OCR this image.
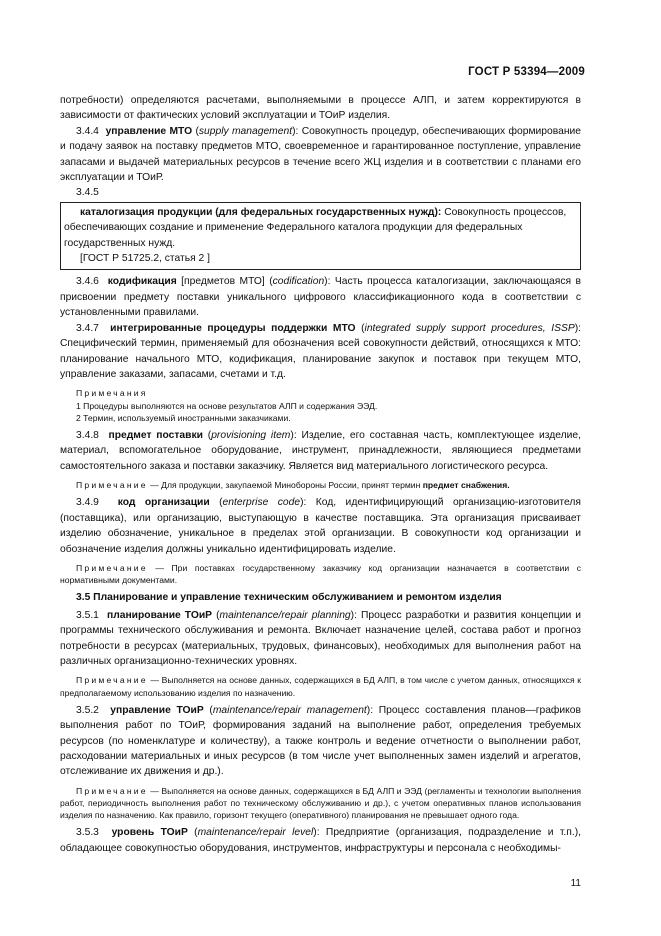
ГОСТ Р 53394—2009

потребности) определяются расчетами, выполняемыми в процессе АЛП, и затем корректируются в зависимости от фактических условий эксплуатации и ТОиР изделия.

3.4.4 управление МТО (supply management): Совокупность процедур, обеспечивающих формирование и подачу заявок на поставку предметов МТО, своевременное и гарантированное поступление, управление запасами и выдачей материальных ресурсов в течение всего ЖЦ изделия и в соответствии с планами его эксплуатации и ТОиР.

3.4.5

каталогизация продукции (для федеральных государственных нужд): Совокупность процессов, обеспечивающих создание и применение Федерального каталога продукции для федеральных государственных нужд.
[ГОСТ Р 51725.2, статья 2 ]

3.4.6 кодификация [предметов МТО] (codification): Часть процесса каталогизации, заключающаяся в присвоении предмету поставки уникального цифрового классификационного кода в соответствии с установленными правилами.

3.4.7 интегрированные процедуры поддержки МТО (integrated supply support procedures, ISSP): Специфический термин, применяемый для обозначения всей совокупности действий, относящихся к МТО: планирование начального МТО, кодификация, планирование закупок и поставок при текущем МТО, управление заказами, запасами, счетами и т.д.

Примечания
1 Процедуры выполняются на основе результатов АЛП и содержания ЭЭД.
2 Термин, используемый иностранными заказчиками.

3.4.8 предмет поставки (provisioning item): Изделие, его составная часть, комплектующее изделие, материал, вспомогательное оборудование, инструмент, принадлежности, являющиеся предметами самостоятельного заказа и поставки заказчику. Является вид материального логистического ресурса.

Примечание — Для продукции, закупаемой Минобороны России, принят термин предмет снабжения.

3.4.9 код организации (enterprise code): Код, идентифицирующий организацию-изготовителя (поставщика), или организацию, выступающую в качестве поставщика. Эта организация присваивает изделию обозначение, уникальное в пределах этой организации. В совокупности код организации и обозначение изделия должны уникально идентифицировать изделие.

Примечание — При поставках государственному заказчику код организации назначается в соответствии с нормативными документами.

3.5 Планирование и управление техническим обслуживанием и ремонтом изделия

3.5.1 планирование ТОиР (maintenance/repair planning): Процесс разработки и развития концепции и программы технического обслуживания и ремонта. Включает назначение целей, состава работ и прогноз потребности в ресурсах (материальных, трудовых, финансовых), необходимых для выполнения работ на различных организационно-технических уровнях.

Примечание — Выполняется на основе данных, содержащихся в БД АЛП, в том числе с учетом данных, относящихся к предполагаемому использованию изделия по назначению.

3.5.2 управление ТОиР (maintenance/repair management): Процесс составления планов—графиков выполнения работ по ТОиР, формирования заданий на выполнение работ, определения требуемых ресурсов (по номенклатуре и количеству), а также контроль и ведение отчетности о выполнении работ, расходовании материальных и иных ресурсов (в том числе учет выполненных замен изделий и агрегатов, отслеживание их движения и др.).

Примечание — Выполняется на основе данных, содержащихся в БД АЛП и ЭЭД (регламенты и технологии выполнения работ, периодичность выполнения работ по техническому обслуживанию и др.), с учетом оперативных планов использования изделия по назначению. Как правило, горизонт текущего (оперативного) планирования не превышает одного года.

3.5.3 уровень ТОиР (maintenance/repair level): Предприятие (организация, подразделение и т.п.), обладающее совокупностью оборудования, инструментов, инфраструктуры и персонала с необходимы-

11
